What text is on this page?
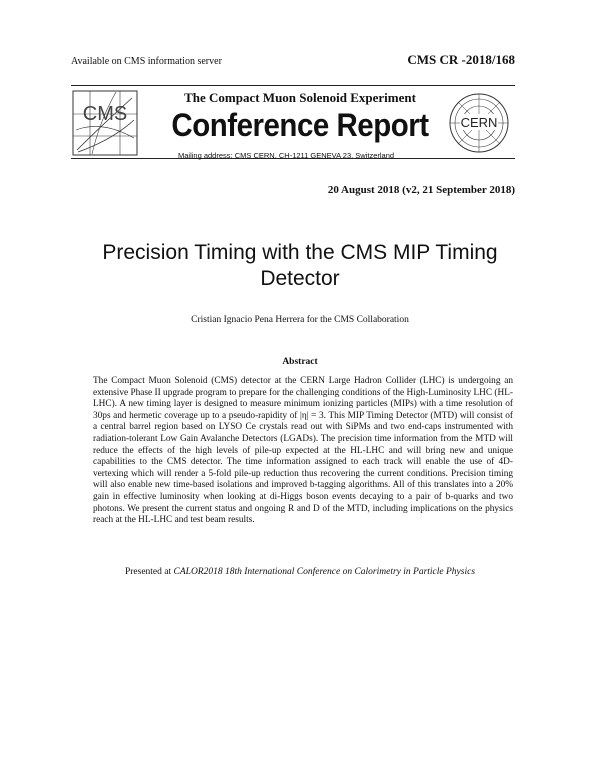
Available on CMS information server	CMS CR -2018/168
CMS
The Compact Muon Solenoid Experiment
Conference Report
Mailing address: CMS CERN, CH-1211 GENEVA 23, Switzerland
CERN
20 August 2018 (v2, 21 September 2018)
Precision Timing with the CMS MIP Timing Detector
Cristian Ignacio Pena Herrera for the CMS Collaboration
Abstract
The Compact Muon Solenoid (CMS) detector at the CERN Large Hadron Collider (LHC) is undergoing an extensive Phase II upgrade program to prepare for the challenging conditions of the High-Luminosity LHC (HL-LHC). A new timing layer is designed to measure minimum ionizing particles (MIPs) with a time resolution of 30ps and hermetic coverage up to a pseudo-rapidity of |η| = 3. This MIP Timing Detector (MTD) will consist of a central barrel region based on LYSO Ce crystals read out with SiPMs and two end-caps instrumented with radiation-tolerant Low Gain Avalanche Detectors (LGADs). The precision time information from the MTD will reduce the effects of the high levels of pile-up expected at the HL-LHC and will bring new and unique capabilities to the CMS detector. The time information assigned to each track will enable the use of 4D-vertexing which will render a 5-fold pile-up reduction thus recovering the current conditions. Precision timing will also enable new time-based isolations and improved b-tagging algorithms. All of this translates into a 20% gain in effective luminosity when looking at di-Higgs boson events decaying to a pair of b-quarks and two photons. We present the current status and ongoing R and D of the MTD, including implications on the physics reach at the HL-LHC and test beam results.
Presented at CALOR2018 18th International Conference on Calorimetry in Particle Physics
